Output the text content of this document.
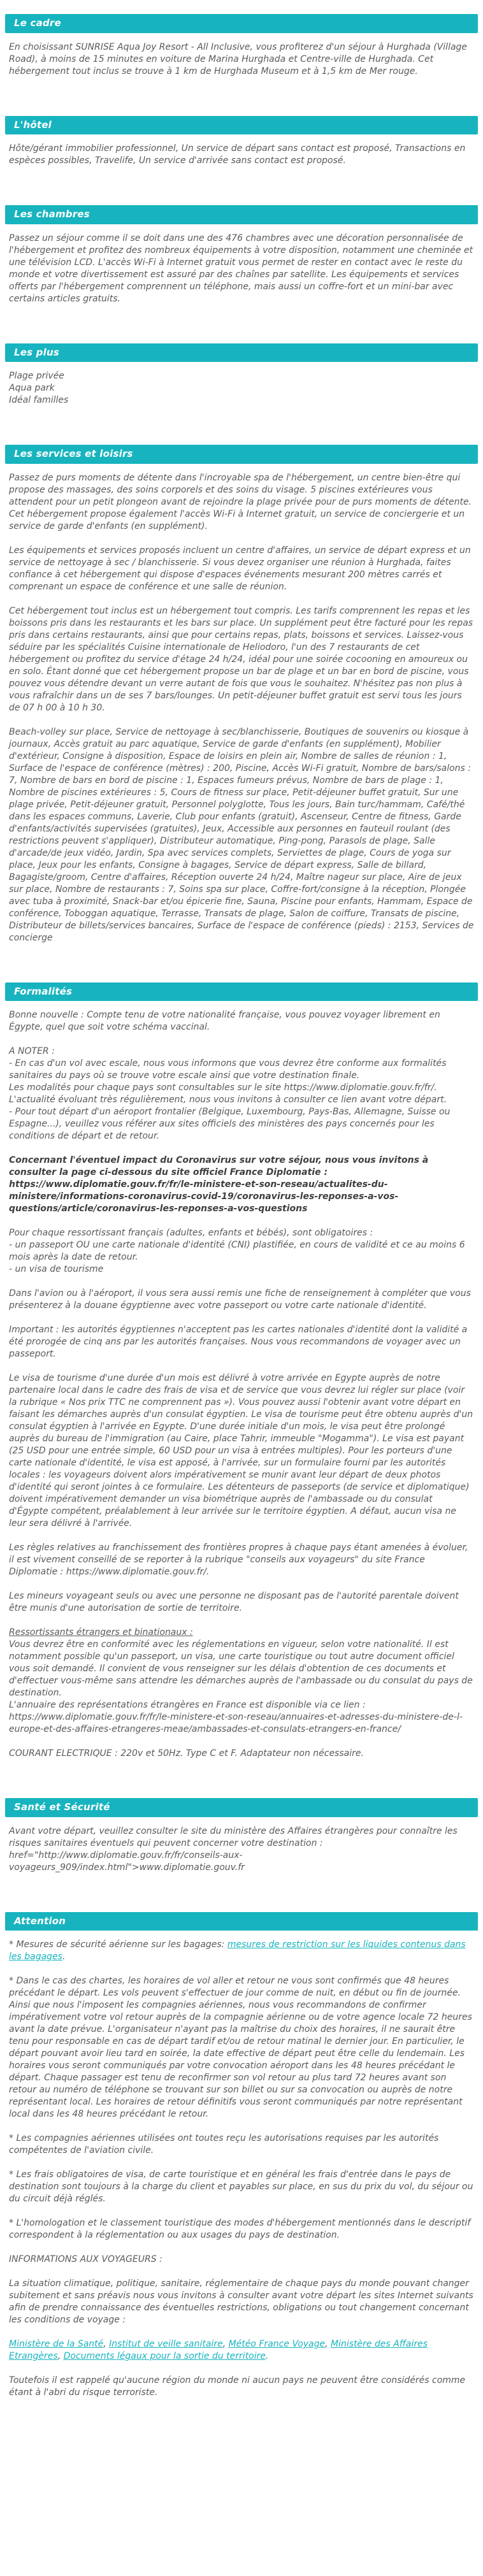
Le cadre

En choisissant SUNRISE Aqua Joy Resort - All Inclusive, vous profiterez d'un séjour à Hurghada (Village Road), à moins de 15 minutes en voiture de Marina Hurghada et Centre-ville de Hurghada. Cet hébergement tout inclus se trouve à 1 km de Hurghada Museum et à 1,5 km de Mer rouge.

L'hôtel

Hôte/gérant immobilier professionnel, Un service de départ sans contact est proposé, Transactions en espèces possibles, Travelife, Un service d'arrivée sans contact est proposé.

Les chambres

Passez un séjour comme il se doit dans une des 476 chambres avec une décoration personnalisée de l'hébergement et profitez des nombreux équipements à votre disposition, notamment une cheminée et une télévision LCD. L'accès Wi-Fi à Internet gratuit vous permet de rester en contact avec le reste du monde et votre divertissement est assuré par des chaînes par satellite. Les équipements et services offerts par l'hébergement comprennent un téléphone, mais aussi un coffre-fort et un mini-bar avec certains articles gratuits.

Les plus

Plage privée

Aqua park

Idéal familles

Les services et loisirs

Passez de purs moments de détente dans l'incroyable spa de l'hébergement, un centre bien-être qui propose des massages, des soins corporels et des soins du visage. 5 piscines extérieures vous attendent pour un petit plongeon avant de rejoindre la plage privée pour de purs moments de détente. Cet hébergement propose également l'accès Wi-Fi à Internet gratuit, un service de conciergerie et un service de garde d'enfants (en supplément).

Les équipements et services proposés incluent un centre d'affaires, un service de départ express et un service de nettoyage à sec / blanchisserie. Si vous devez organiser une réunion à Hurghada, faites confiance à cet hébergement qui dispose d'espaces événements mesurant 200 mètres carrés et comprenant un espace de conférence et une salle de réunion.

Cet hébergement tout inclus est un hébergement tout compris. Les tarifs comprennent les repas et les boissons pris dans les restaurants et les bars sur place. Un supplément peut être facturé pour les repas pris dans certains restaurants, ainsi que pour certains repas, plats, boissons et services. Laissez-vous séduire par les spécialités Cuisine internationale de Heliodoro, l'un des 7 restaurants de cet hébergement ou profitez du service d'étage 24 h/24, idéal pour une soirée cocooning en amoureux ou en solo. Étant donné que cet hébergement propose un bar de plage et un bar en bord de piscine, vous pouvez vous détendre devant un verre autant de fois que vous le souhaitez. N'hésitez pas non plus à vous rafraîchir dans un de ses 7 bars/lounges. Un petit-déjeuner buffet gratuit est servi tous les jours de 07 h 00 à 10 h 30.

Beach-volley sur place, Service de nettoyage à sec/blanchisserie, Boutiques de souvenirs ou kiosque à journaux, Accès gratuit au parc aquatique, Service de garde d'enfants (en supplément), Mobilier d'extérieur, Consigne à disposition, Espace de loisirs en plein air, Nombre de salles de réunion : 1, Surface de l'espace de conférence (mètres) : 200, Piscine, Accès Wi-Fi gratuit, Nombre de bars/salons : 7, Nombre de bars en bord de piscine : 1, Espaces fumeurs prévus, Nombre de bars de plage : 1, Nombre de piscines extérieures : 5, Cours de fitness sur place, Petit-déjeuner buffet gratuit, Sur une plage privée, Petit-déjeuner gratuit, Personnel polyglotte, Tous les jours, Bain turc/hammam, Café/thé dans les espaces communs, Laverie, Club pour enfants (gratuit), Ascenseur, Centre de fitness, Garde d'enfants/activités supervisées (gratuites), Jeux, Accessible aux personnes en fauteuil roulant (des restrictions peuvent s'appliquer), Distributeur automatique, Ping-pong, Parasols de plage, Salle d'arcade/de jeux vidéo, Jardin, Spa avec services complets, Serviettes de plage, Cours de yoga sur place, Jeux pour les enfants, Consigne à bagages, Service de départ express, Salle de billard, Bagagiste/groom, Centre d'affaires, Réception ouverte 24 h/24, Maître nageur sur place, Aire de jeux sur place, Nombre de restaurants : 7, Soins spa sur place, Coffre-fort/consigne à la réception, Plongée avec tuba à proximité, Snack-bar et/ou épicerie fine, Sauna, Piscine pour enfants, Hammam, Espace de conférence, Toboggan aquatique, Terrasse, Transats de plage, Salon de coiffure, Transats de piscine, Distributeur de billets/services bancaires, Surface de l'espace de conférence (pieds) : 2153, Services de concierge

Formalités

Bonne nouvelle : Compte tenu de votre nationalité française, vous pouvez voyager librement en Égypte, quel que soit votre schéma vaccinal.

A NOTER :

- En cas d'un vol avec escale, nous vous informons que vous devrez être conforme aux formalités sanitaires du pays où se trouve votre escale ainsi que votre destination finale.

Les modalités pour chaque pays sont consultables sur le site https://www.diplomatie.gouv.fr/fr/. L'actualité évoluant très régulièrement, nous vous invitons à consulter ce lien avant votre départ.

- Pour tout départ d'un aéroport frontalier (Belgique, Luxembourg, Pays-Bas, Allemagne, Suisse ou Espagne...), veuillez vous référer aux sites officiels des ministères des pays concernés pour les conditions de départ et de retour.

Concernant l'éventuel impact du Coronavirus sur votre séjour, nous vous invitons à consulter la page ci-dessous du site officiel France Diplomatie :

https://www.diplomatie.gouv.fr/fr/le-ministere-et-son-reseau/actualites-du-ministere/informations-coronavirus-covid-19/coronavirus-les-reponses-a-vos-questions/article/coronavirus-les-reponses-a-vos-questions

Pour chaque ressortissant français (adultes, enfants et bébés), sont obligatoires :

- un passeport OU une carte nationale d'identité (CNI) plastifiée, en cours de validité et ce au moins 6 mois après la date de retour.

- un visa de tourisme

Dans l'avion ou à l'aéroport, il vous sera aussi remis une fiche de renseignement à compléter que vous présenterez à la douane égyptienne avec votre passeport ou votre carte nationale d'identité.

Important : les autorités égyptiennes n'acceptent pas les cartes nationales d'identité dont la validité a été prorogée de cinq ans par les autorités françaises. Nous vous recommandons de voyager avec un passeport.

Le visa de tourisme d'une durée d'un mois est délivré à votre arrivée en Egypte auprès de notre partenaire local dans le cadre des frais de visa et de service que vous devrez lui régler sur place (voir la rubrique « Nos prix TTC ne comprennent pas »). Vous pouvez aussi l'obtenir avant votre départ en faisant les démarches auprès d'un consulat égyptien. Le visa de tourisme peut être obtenu auprès d'un consulat égyptien à l'arrivée en Egypte. D'une durée initiale d'un mois, le visa peut être prolongé auprès du bureau de l'immigration (au Caire, place Tahrir, immeuble "Mogamma"). Le visa est payant (25 USD pour une entrée simple, 60 USD pour un visa à entrées multiples). Pour les porteurs d'une carte nationale d'identité, le visa est apposé, à l'arrivée, sur un formulaire fourni par les autorités locales : les voyageurs doivent alors impérativement se munir avant leur départ de deux photos d'identité qui seront jointes à ce formulaire. Les détenteurs de passeports (de service et diplomatique) doivent impérativement demander un visa biométrique auprès de l'ambassade ou du consulat d'Égypte compétent, préalablement à leur arrivée sur le territoire égyptien. A défaut, aucun visa ne leur sera délivré à l'arrivée.

Les règles relatives au franchissement des frontières propres à chaque pays étant amenées à évoluer, il est vivement conseillé de se reporter à la rubrique "conseils aux voyageurs" du site France Diplomatie : https://www.diplomatie.gouv.fr/.

Les mineurs voyageant seuls ou avec une personne ne disposant pas de l'autorité parentale doivent être munis d'une autorisation de sortie de territoire.

Ressortissants étrangers et binationaux :

Vous devrez être en conformité avec les réglementations en vigueur, selon votre nationalité. Il est notamment possible qu'un passeport, un visa, une carte touristique ou tout autre document officiel vous soit demandé. Il convient de vous renseigner sur les délais d'obtention de ces documents et d'effectuer vous-même sans attendre les démarches auprès de l'ambassade ou du consulat du pays de destination.

L'annuaire des représentations étrangères en France est disponible via ce lien : https://www.diplomatie.gouv.fr/fr/le-ministere-et-son-reseau/annuaires-et-adresses-du-ministere-de-l-europe-et-des-affaires-etrangeres-meae/ambassades-et-consulats-etrangers-en-france/

COURANT ELECTRIQUE : 220v et 50Hz. Type C et F. Adaptateur non nécessaire.

Santé et Sécurité

Avant votre départ, veuillez consulter le site du ministère des Affaires étrangères pour connaître les risques sanitaires éventuels qui peuvent concerner votre destination : href="http://www.diplomatie.gouv.fr/fr/conseils-aux-voyageurs_909/index.html">www.diplomatie.gouv.fr

Attention

* Mesures de sécurité aérienne sur les bagages: mesures de restriction sur les liquides contenus dans les bagages.

* Dans le cas des chartes, les horaires de vol aller et retour ne vous sont confirmés que 48 heures précédant le départ. Les vols peuvent s'effectuer de jour comme de nuit, en début ou fin de journée. Ainsi que nous l'imposent les compagnies aériennes, nous vous recommandons de confirmer impérativement votre vol retour auprès de la compagnie aérienne ou de votre agence locale 72 heures avant la date prévue. L'organisateur n'ayant pas la maîtrise du choix des horaires, il ne saurait être tenu pour responsable en cas de départ tardif et/ou de retour matinal le dernier jour. En particulier, le départ pouvant avoir lieu tard en soirée, la date effective de départ peut être celle du lendemain. Les horaires vous seront communiqués par votre convocation aéroport dans les 48 heures précédant le départ. Chaque passager est tenu de reconfirmer son vol retour au plus tard 72 heures avant son retour au numéro de téléphone se trouvant sur son billet ou sur sa convocation ou auprès de notre représentant local. Les horaires de retour définitifs vous seront communiqués par notre représentant local dans les 48 heures précédant le retour.

* Les compagnies aériennes utilisées ont toutes reçu les autorisations requises par les autorités compétentes de l'aviation civile.

* Les frais obligatoires de visa, de carte touristique et en général les frais d'entrée dans le pays de destination sont toujours à la charge du client et payables sur place, en sus du prix du vol, du séjour ou du circuit déjà réglés.

* L'homologation et le classement touristique des modes d'hébergement mentionnés dans le descriptif correspondent à la réglementation ou aux usages du pays de destination.

INFORMATIONS AUX VOYAGEURS :

La situation climatique, politique, sanitaire, réglementaire de chaque pays du monde pouvant changer subitement et sans préavis nous vous invitons à consulter avant votre départ les sites Internet suivants afin de prendre connaissance des éventuelles restrictions, obligations ou tout changement concernant les conditions de voyage :

Ministère de la Santé, Institut de veille sanitaire, Météo France Voyage, Ministère des Affaires Etrangères, Documents légaux pour la sortie du territoire.

Toutefois il est rappelé qu'aucune région du monde ni aucun pays ne peuvent être considérés comme étant à l'abri du risque terroriste.
